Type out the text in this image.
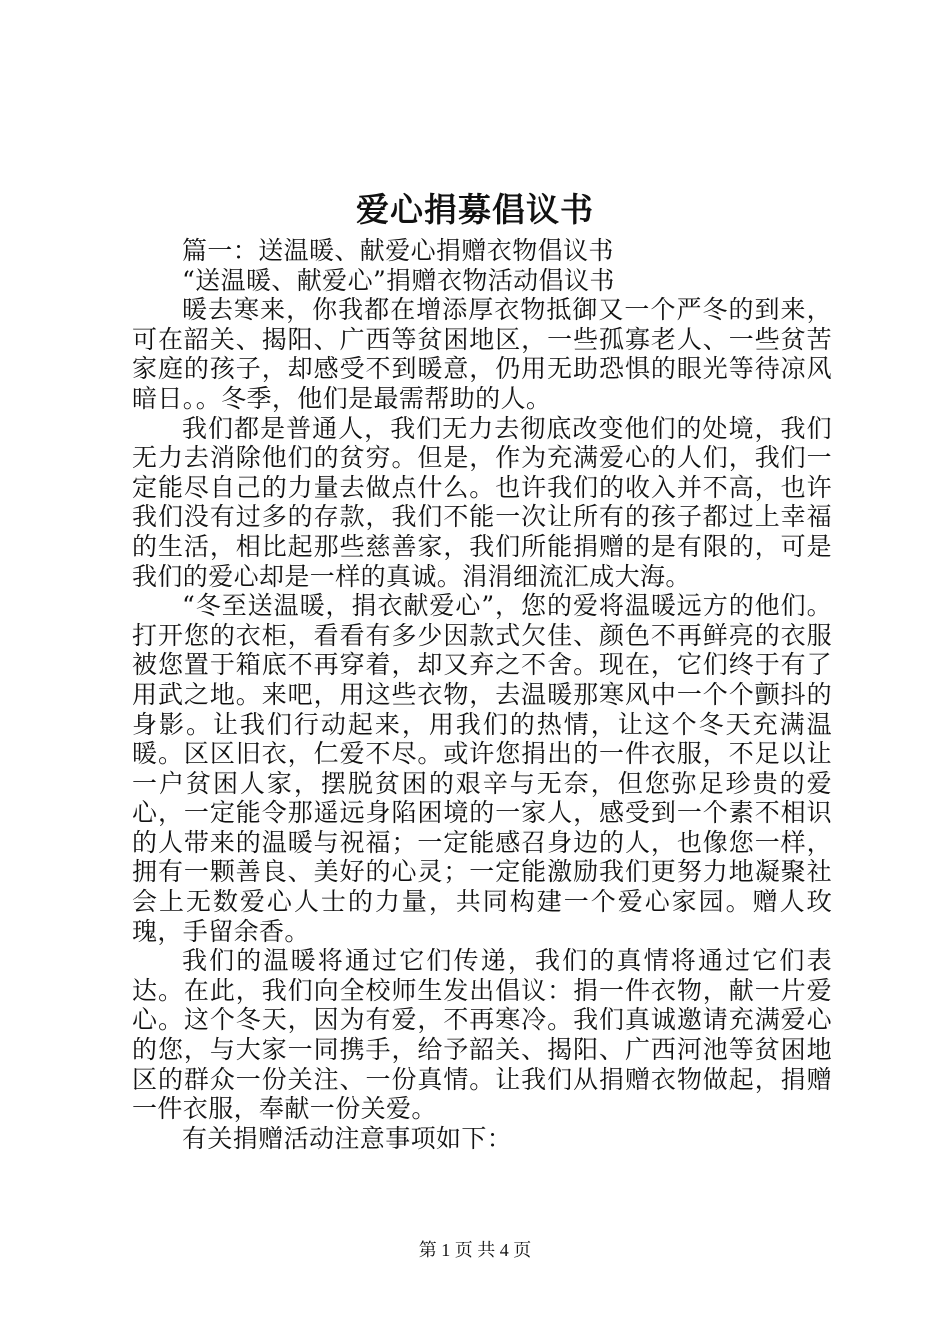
爱心捐募倡议书

篇一：送温暖、献爱心捐赠衣物倡议书

“送温暖、献爱心”捐赠衣物活动倡议书

暖去寒来，你我都在增添厚衣物抵御又一个严冬的到来，可在韶关、揭阳、广西等贫困地区，一些孤寡老人、一些贫苦家庭的孩子，却感受不到暖意，仍用无助恐惧的眼光等待凉风暗日。。冬季，他们是最需帮助的人。

我们都是普通人，我们无力去彻底改变他们的处境，我们无力去消除他们的贫穷。但是，作为充满爱心的人们，我们一定能尽自己的力量去做点什么。也许我们的收入并不高，也许我们没有过多的存款，我们不能一次让所有的孩子都过上幸福的生活，相比起那些慈善家，我们所能捐赠的是有限的，可是我们的爱心却是一样的真诚。涓涓细流汇成大海。

“冬至送温暖，捐衣献爱心”，您的爱将温暖远方的他们。打开您的衣柜，看看有多少因款式欠佳、颜色不再鲜亮的衣服被您置于箱底不再穿着，却又弃之不舍。现在，它们终于有了用武之地。来吧，用这些衣物，去温暖那寒风中一个个颤抖的身影。让我们行动起来，用我们的热情，让这个冬天充满温暖。区区旧衣，仁爱不尽。或许您捐出的一件衣服，不足以让一户贫困人家，摆脱贫困的艰辛与无奈，但您弥足珍贵的爱心，一定能令那遥远身陷困境的一家人，感受到一个素不相识的人带来的温暖与祝福；一定能感召身边的人，也像您一样，拥有一颗善良、美好的心灵；一定能激励我们更努力地凝聚社会上无数爱心人士的力量，共同构建一个爱心家园。赠人玫瑰，手留余香。

我们的温暖将通过它们传递，我们的真情将通过它们表达。在此，我们向全校师生发出倡议：捐一件衣物，献一片爱心。这个冬天，因为有爱，不再寒冷。我们真诚邀请充满爱心的您，与大家一同携手，给予韶关、揭阳、广西河池等贫困地区的群众一份关注、一份真情。让我们从捐赠衣物做起，捐赠一件衣服，奉献一份关爱。

有关捐赠活动注意事项如下：

第 1 页 共 4 页
